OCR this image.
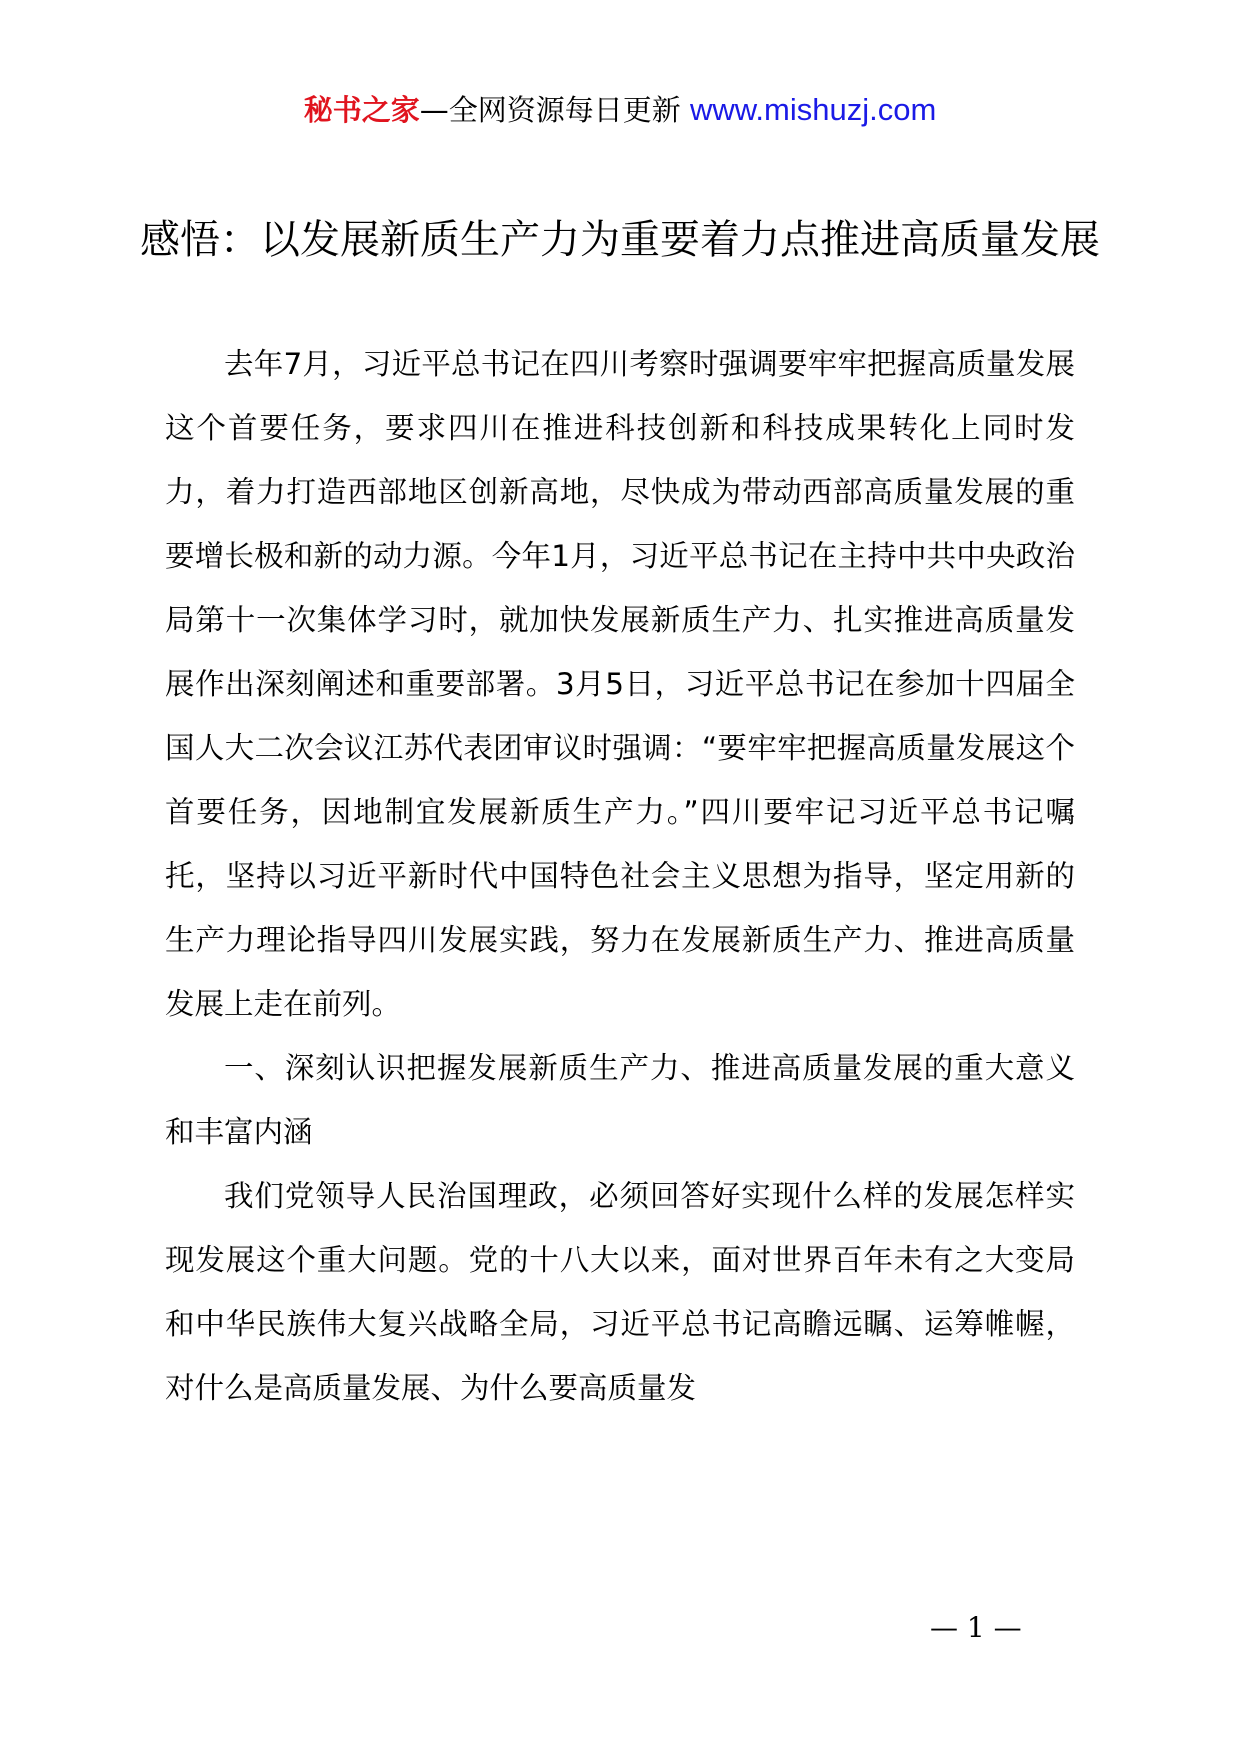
秘书之家—全网资源每日更新 www.mishuzj.com
感悟：以发展新质生产力为重要着力点推进高质量发展

去年7月，习近平总书记在四川考察时强调要牢牢把握高质量发展这个首要任务，要求四川在推进科技创新和科技成果转化上同时发力，着力打造西部地区创新高地，尽快成为带动西部高质量发展的重要增长极和新的动力源。今年1月，习近平总书记在主持中共中央政治局第十一次集体学习时，就加快发展新质生产力、扎实推进高质量发展作出深刻阐述和重要部署。3月5日，习近平总书记在参加十四届全国人大二次会议江苏代表团审议时强调：“要牢牢把握高质量发展这个首要任务，因地制宜发展新质生产力。”四川要牢记习近平总书记嘱托，坚持以习近平新时代中国特色社会主义思想为指导，坚定用新的生产力理论指导四川发展实践，努力在发展新质生产力、推进高质量发展上走在前列。

一、深刻认识把握发展新质生产力、推进高质量发展的重大意义和丰富内涵

我们党领导人民治国理政，必须回答好实现什么样的发展怎样实现发展这个重大问题。党的十八大以来，面对世界百年未有之大变局和中华民族伟大复兴战略全局，习近平总书记高瞻远瞩、运筹帷幄，对什么是高质量发展、为什么要高质量发

— 1 —
